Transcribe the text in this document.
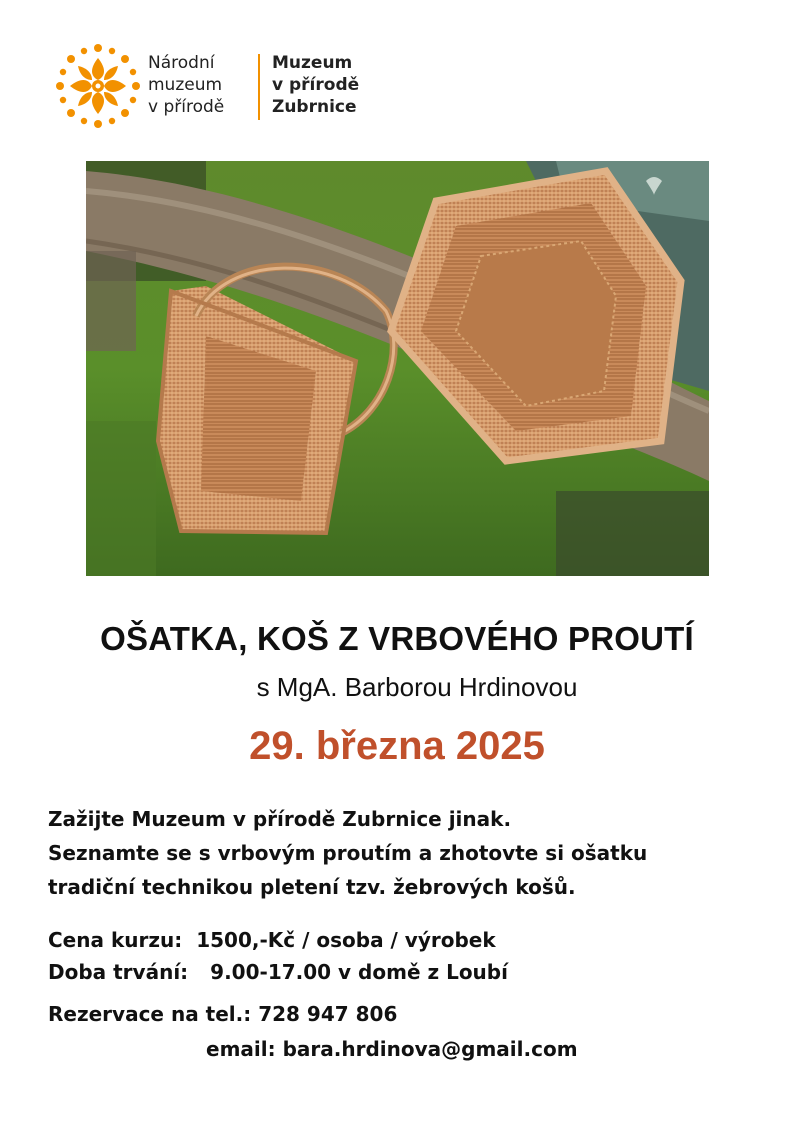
Národní
muzeum
v přírodě
Muzeum
v přírodě
Zubrnice
OŠATKA, KOŠ Z VRBOVÉHO PROUTÍ
s MgA. Barborou Hrdinovou
29. března 2025
Zažijte Muzeum v přírodě Zubrnice jinak.
Seznamte se s vrbovým proutím a zhotovte si ošatku
tradiční technikou pletení tzv. žebrových košů.
Cena kurzu: 1500,-Kč / osoba / výrobek
Doba trvání: 9.00-17.00 v domě z Loubí
Rezervace na tel.: 728 947 806
email: bara.hrdinova@gmail.com
